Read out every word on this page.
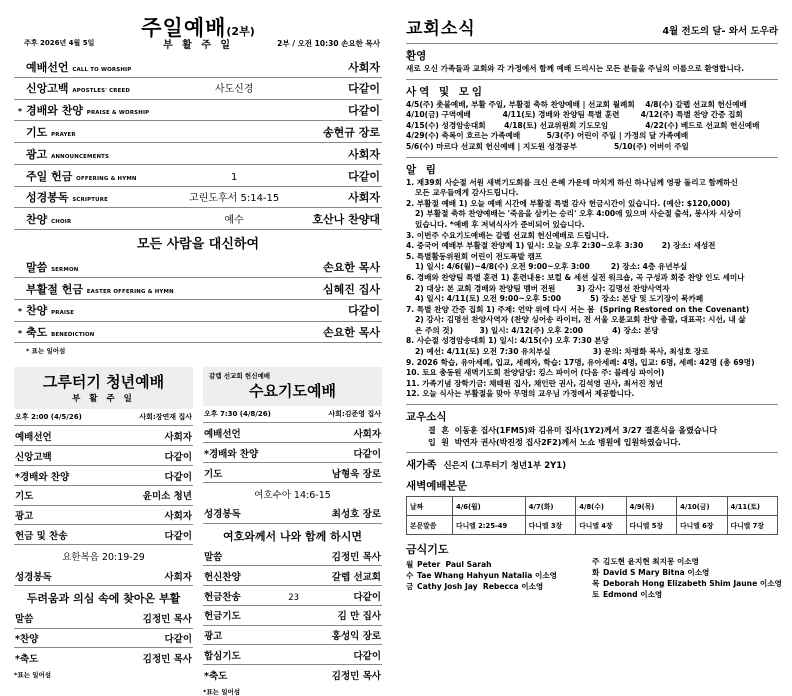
주일예배(2부)
부 활 주 일
주후 2026년 4월 5일	2부 / 오전 10:30 손요한 목사
	예배선언 CALL TO WORSHIP		사회자
	신앙고백 APOSTLES' CREED	사도신경	다같이
*	경배와 찬양 PRAISE & WORSHIP		다같이
	기도 PRAYER		송현규 장로
	광고 ANNOUNCEMENTS		사회자
	주일 헌금 OFFERING & HYMN	1	다같이
	성경봉독 SCRIPTURE	고린도후서 5:14-15	사회자
	찬양 CHOIR	예수	호산나 찬양대
모든 사람을 대신하여			
	말씀 SERMON		손요한 목사
	부활절 헌금 EASTER OFFERING & HYMN		심혜진 집사
*	찬양 PRAISE		다같이
*	축도 BENEDICTION		손요한 목사
* 표는 일어섬
그루터기 청년예배
부 활 주 일
오후 2:00 (4/5/26)		사회:장연재 집사
예배선언		사회자
신앙고백		다같이
*경배와 찬양		다같이
기도		윤미소 청년
광고		사회자
헌금 및 찬송		다같이
요한복음 20:19-29		
성경봉독		사회자
두려움과 의심 속에 찾아온 부활		
말씀		김정민 목사
*찬양		다같이
*축도		김정민 목사
*표는 일어섬
갈렙 선교회 헌신예배
수요기도예배
오후 7:30 (4/8/26)		사회:김준영 집사
예배선언		사회자
*경배와 찬양		다같이
기도		남형욱 장로
여호수아 14:6-15		
성경봉독		최성호 장로
여호와께서 나와 함께 하시면		
말씀		김정민 목사
헌신찬양		갈렙 선교회
헌금찬송	23	다같이
헌금기도		김 만 집사
광고		홍성익 장로
합심기도		다같이
*축도		김정민 목사
*표는 일어섬
교회소식	4월 전도의 달- 와서 도우라
환영
새로 오신 가족들과 교회와 각 가정에서 함께 예배 드리시는 모든 분들을 주님의 이름으로 환영합니다.
사역 및 모임
4/5(주) 촛불예배, 부활 주일, 부활절 축하 찬양예배 | 선교회 월례회    4/8(수) 갈렙 선교회 헌신예배
4/10(금) 구역예배            4/11(토) 경배와 찬양팀 특별 훈련        4/12(주) 특별 찬양 간증 집회
4/15(수) 성경암송대회       4/18(토) 선교위원회 기도모임              4/22(수) 베드로 선교회 헌신예배
4/29(수) 축복이 흐르는 가족예배          5/3(주) 어린이 주일 | 가정의 달 가족예배
5/6(수) 마르다 선교회 헌신예배 | 지도원 성경공부              5/10(주) 어버이 주일
알 림
1. 제39회 사순절 서원 새벽기도회를 크신 은혜 가운데 마치게 하신 하나님께 영광 돌리고 함께하신
모든 교우들에게 감사드립니다.
2. 부활절 예배 1) 오늘 예배 시간에 부활절 특별 감사 헌금시간이 있습니다. (예산: $120,000)
2) 부활절 축하 찬양예배는 '죽음을 삼키는 승리' 오후 4:00에 있으며 사순절 출석, 봉사자 시상이
있습니다. *예배 후 저녁식사가 준비되어 있습니다.
3. 이번주 수요기도예배는 갈렙 선교회 헌신예배로 드립니다.
4. 중국어 예배부 부활절 찬양제 1) 일시: 오늘 오후 2:30~오후 3:30       2) 장소: 새성전
5. 특별활동위원회 어린이 전도폭발 캠프
1) 일시: 4/6(월)~4/8(수) 오전 9:00~오후 3:00        2) 장소: 4층 유년부실
6. 경배와 찬양팀 특별 훈련 1) 훈련내용: 보컬 & 세션 실전 워크숍, 곡 구성과 회중 찬양 인도 세미나
2) 대상: 본 교회 경배와 찬양팀 멤버 전원        3) 강사: 김명선 찬양사역자
4) 일시: 4/11(토) 오전 9:00~오후 5:00           5) 장소: 본당 및 도기장이 북카페
7. 특별 찬양 간증 집회 1) 주제: 언약 위에 다시 서는 봄  (Spring Restored on the Covenant)
2) 강사: 김명선 찬양사역자 (찬양 싱어송 라이터, 전 서울 오륜교회 찬양 총괄, 대표곡: 시선, 내 삶
은 주의 것)          3) 일시: 4/12(주) 오후 2:00           4) 장소: 본당
8. 사순절 성경암송대회 1) 일시: 4/15(수) 오후 7:30 본당
2) 예선: 4/11(토) 오전 7:30 유치부실                3) 문의: 차평화 목사, 최성호 장로
9. 2026 학습, 유아세례, 입교, 세례자, 학습: 17명, 유아세례: 4명, 입교: 6명, 세례: 42명 (총 69명)
10. 토요 총동원 새벽기도회 찬양담당: 킹스 파이어 (다음 주: 블레싱 파이어)
11. 가족기념 장학기금: 채태원 집사, 채인란 권사, 김석영 권사, 최서진 청년
12. 오늘 식사는 부활절을 맞아 무명의 교우님 가정에서 제공합니다.
교우소식
결  혼  이동훈 집사(1FM5)와 김유미 집사(1Y2)께서 3/27 결혼식을 올렸습니다
입  원  박연자 권사(박진정 집사2F2)께서 노쇼 병원에 입원하였습니다.
새가족 신은지 (그루터기 청년1부 2Y1)
새벽예배본문
날짜	4/6(월)	4/7(화)	4/8(수)	4/9(목)	4/10(금)	4/11(토)
본문말씀	다니엘 2:25-49	다니엘 3장	다니엘 4장	다니엘 5장	다니엘 6장	다니엘 7장
금식기도
월 Peter  Paul Sarah
수 Tae Whang Hahyun Natalia 이소영
금 Cathy Josh Jay  Rebecca 이소영
주 김도현 윤지현 최지몽 이소영
화 David S Mary Bitna 이소영
목 Deborah Hong Elizabeth Shim Jaune 이소영
토 Edmond 이소영
